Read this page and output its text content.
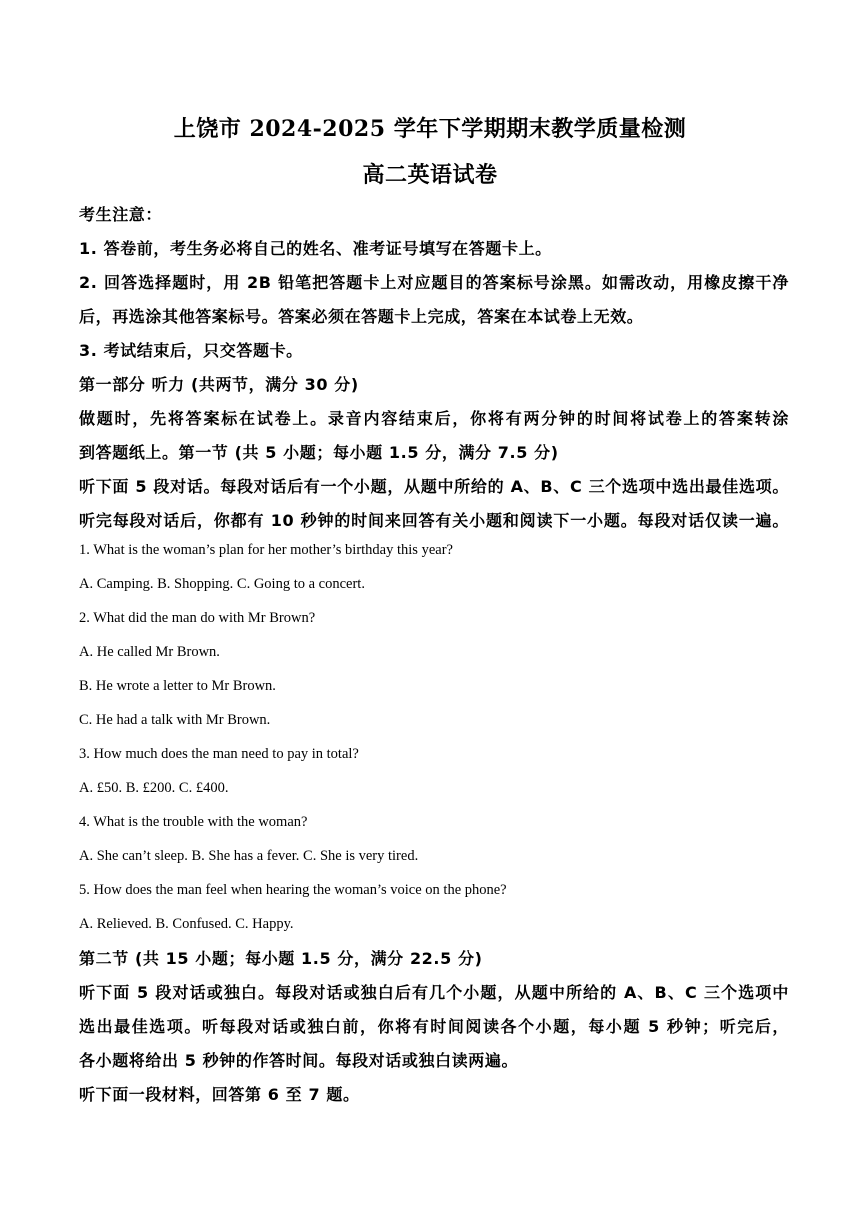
上饶市 2024-2025 学年下学期期末教学质量检测
高二英语试卷
考生注意：
1. 答卷前，考生务必将自己的姓名、准考证号填写在答题卡上。
2. 回答选择题时，用 2B 铅笔把答题卡上对应题目的答案标号涂黑。如需改动，用橡皮擦干净
后，再选涂其他答案标号。答案必须在答题卡上完成，答案在本试卷上无效。
3. 考试结束后，只交答题卡。
第一部分 听力 (共两节，满分 30 分)
做题时，先将答案标在试卷上。录音内容结束后，你将有两分钟的时间将试卷上的答案转涂
到答题纸上。第一节 (共 5 小题；每小题 1.5 分，满分 7.5 分)
听下面 5 段对话。每段对话后有一个小题，从题中所给的 A、B、C 三个选项中选出最佳选项。
听完每段对话后，你都有 10 秒钟的时间来回答有关小题和阅读下一小题。每段对话仅读一遍。
1. What is the woman’s plan for her mother’s birthday this year?
A. Camping. B. Shopping. C. Going to a concert.
2. What did the man do with Mr Brown?
A. He called Mr Brown.
B. He wrote a letter to Mr Brown.
C. He had a talk with Mr Brown.
3. How much does the man need to pay in total?
A. £50. B. £200. C. £400.
4. What is the trouble with the woman?
A. She can’t sleep. B. She has a fever. C. She is very tired.
5. How does the man feel when hearing the woman’s voice on the phone?
A. Relieved. B. Confused. C. Happy.
第二节 (共 15 小题；每小题 1.5 分，满分 22.5 分)
听下面 5 段对话或独白。每段对话或独白后有几个小题，从题中所给的 A、B、C 三个选项中
选出最佳选项。听每段对话或独白前，你将有时间阅读各个小题，每小题 5 秒钟；听完后，
各小题将给出 5 秒钟的作答时间。每段对话或独白读两遍。
听下面一段材料，回答第 6 至 7 题。
